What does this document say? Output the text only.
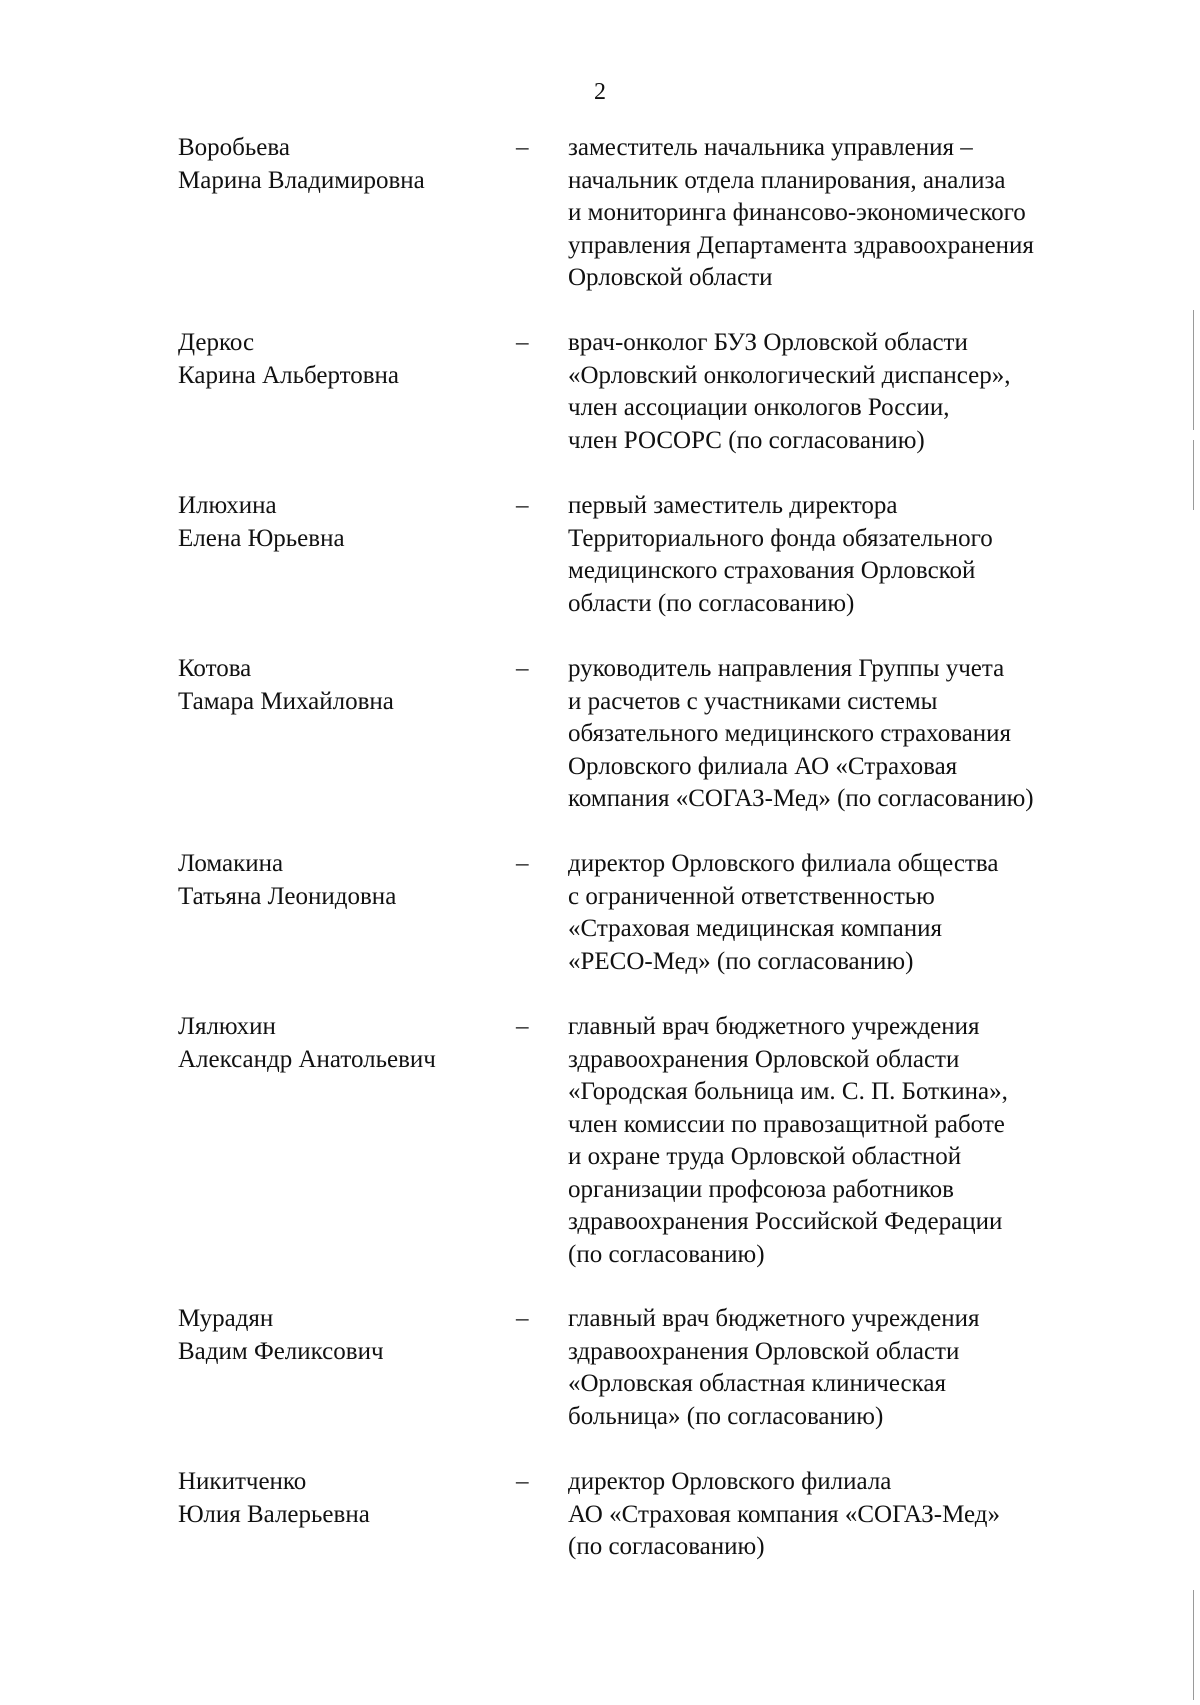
2
Воробьева
Марина Владимировна
– заместитель начальника управления –
начальник отдела планирования, анализа
и мониторинга финансово-экономического
управления Департамента здравоохранения
Орловской области
Деркос
Карина Альбертовна
– врач-онколог БУЗ Орловской области
«Орловский онкологический диспансер»,
член ассоциации онкологов России,
член РОСОРС (по согласованию)
Илюхина
Елена Юрьевна
– первый заместитель директора
Территориального фонда обязательного
медицинского страхования Орловской
области (по согласованию)
Котова
Тамара Михайловна
– руководитель направления Группы учета
и расчетов с участниками системы
обязательного медицинского страхования
Орловского филиала АО «Страховая
компания «СОГАЗ-Мед» (по согласованию)
Ломакина
Татьяна Леонидовна
– директор Орловского филиала общества
с ограниченной ответственностью
«Страховая медицинская компания
«РЕСО-Мед» (по согласованию)
Лялюхин
Александр Анатольевич
– главный врач бюджетного учреждения
здравоохранения Орловской области
«Городская больница им. С. П. Боткина»,
член комиссии по правозащитной работе
и охране труда Орловской областной
организации профсоюза работников
здравоохранения Российской Федерации
(по согласованию)
Мурадян
Вадим Феликсович
– главный врач бюджетного учреждения
здравоохранения Орловской области
«Орловская областная клиническая
больница» (по согласованию)
Никитченко
Юлия Валерьевна
– директор Орловского филиала
АО «Страховая компания «СОГАЗ-Мед»
(по согласованию)
